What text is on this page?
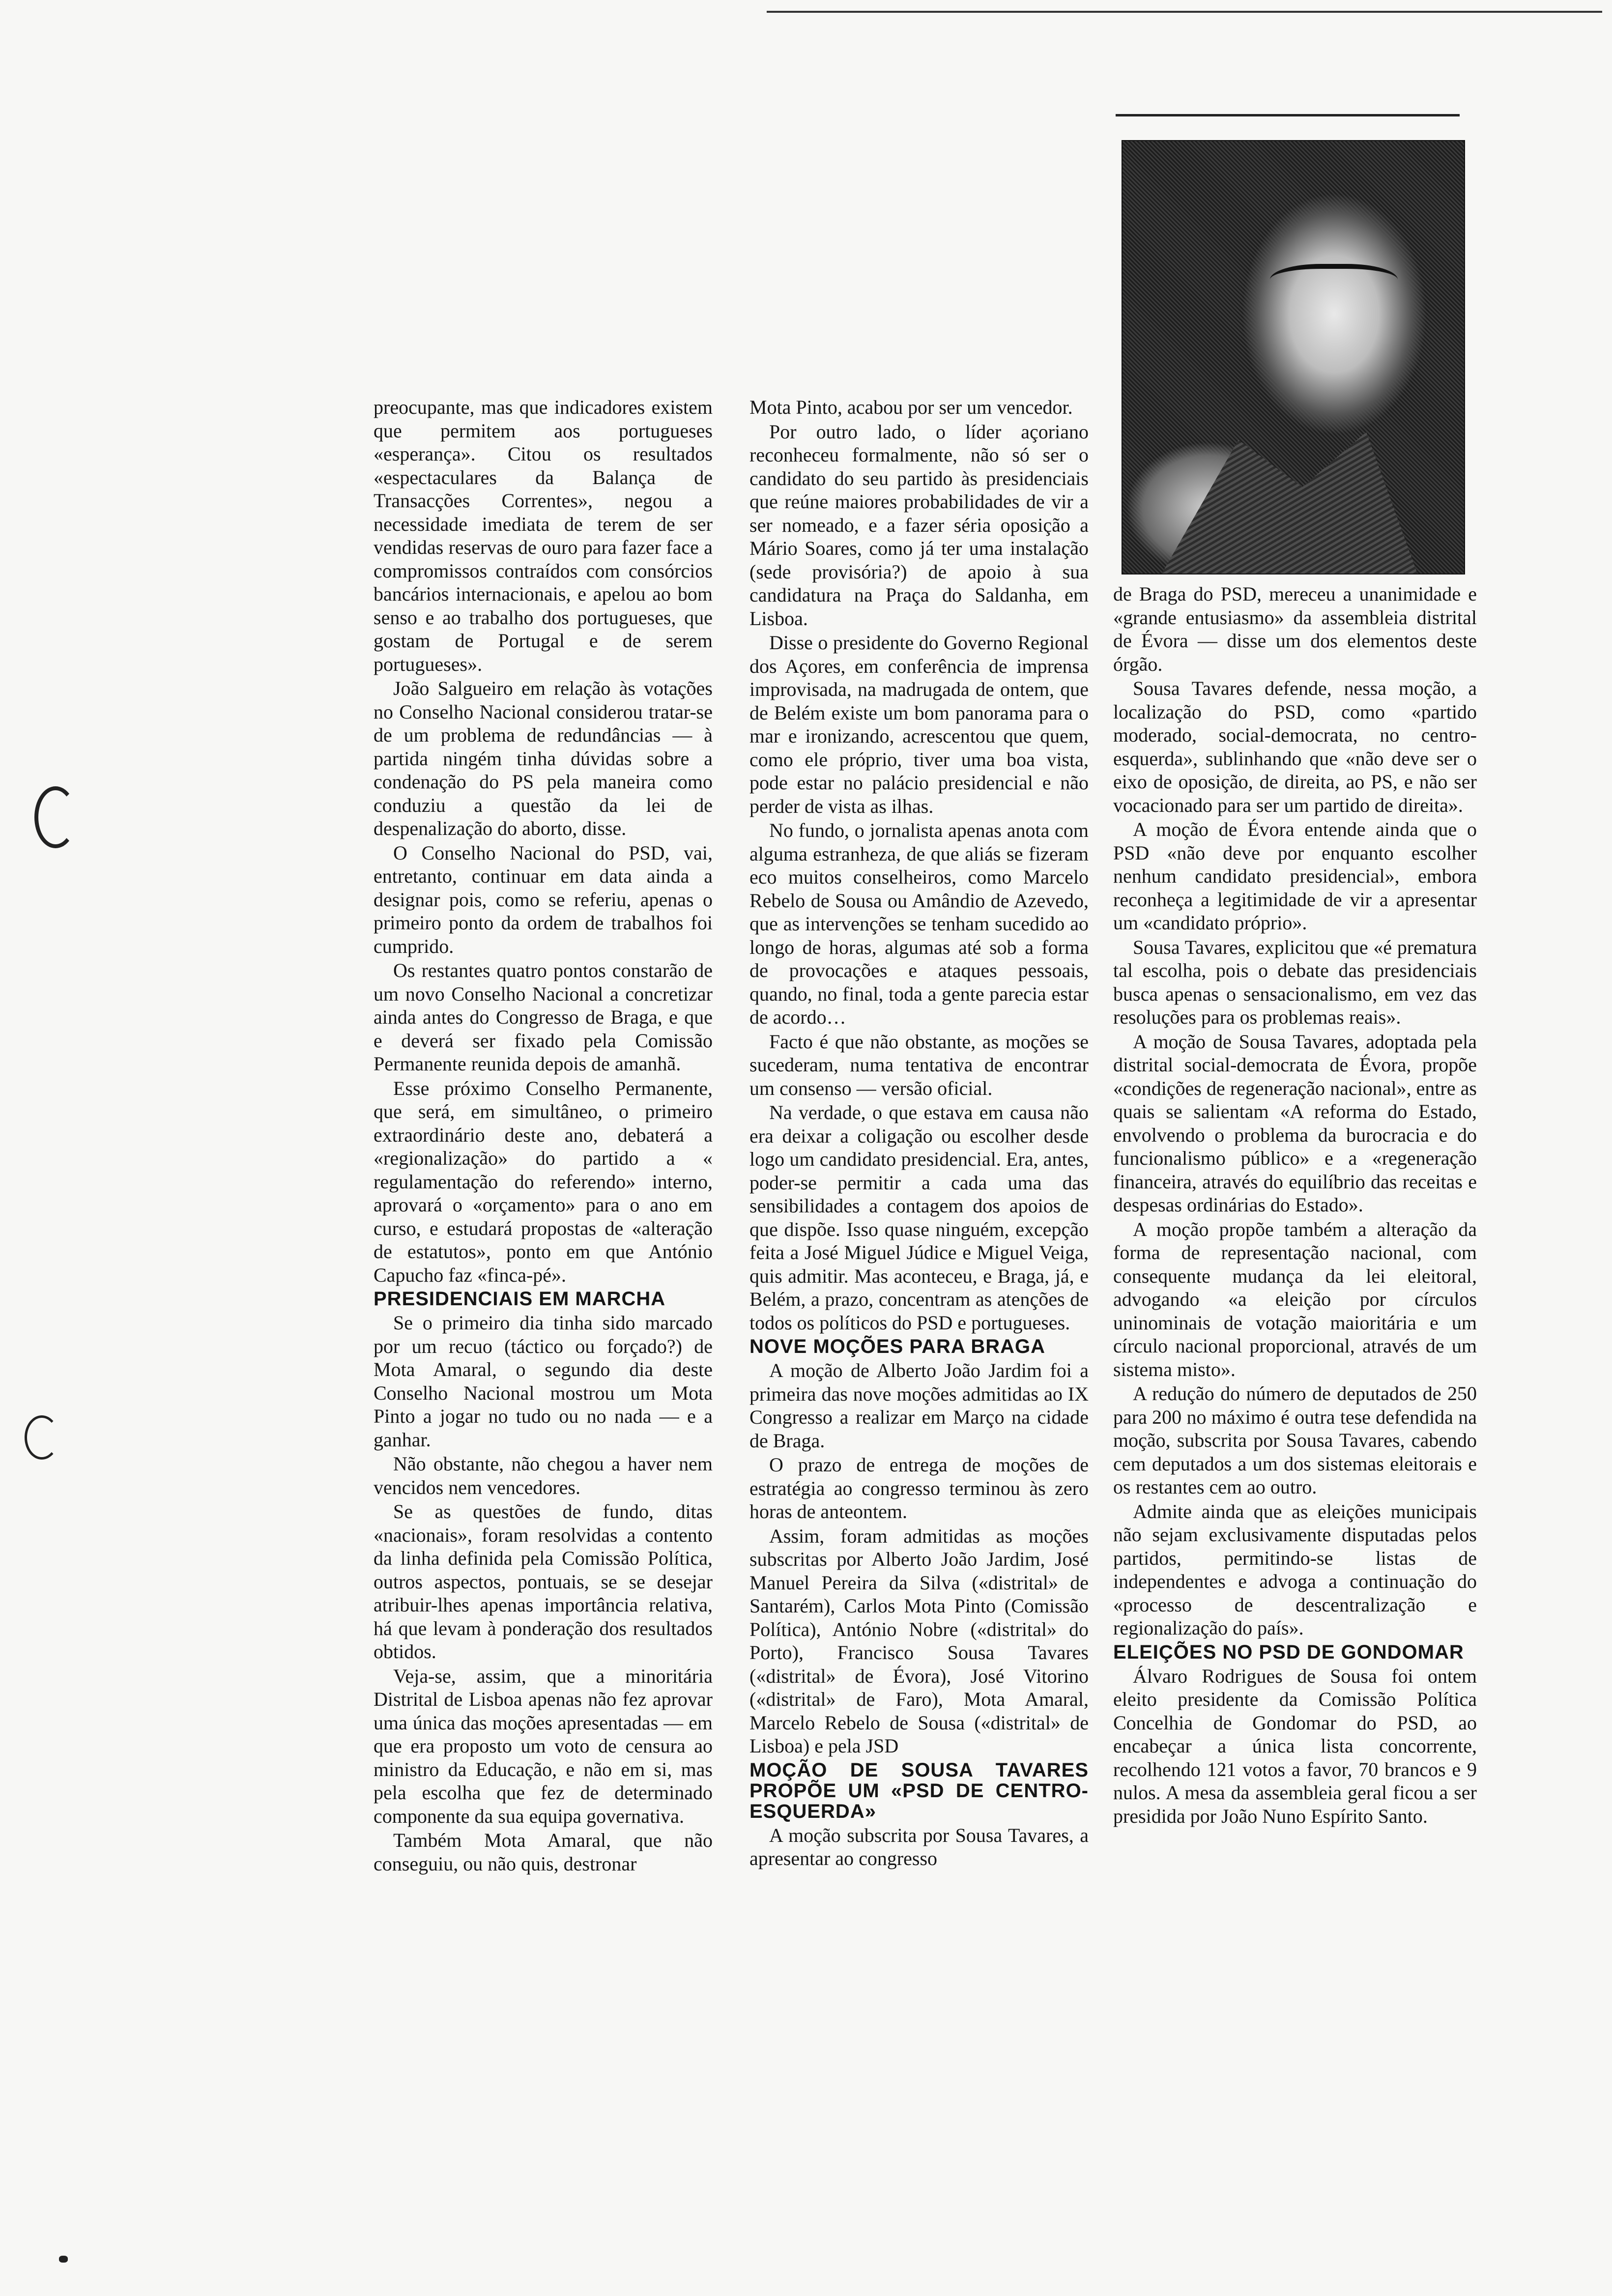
preocupante, mas que indicadores existem que permitem aos portugueses «esperança». Citou os resultados «espectaculares da Balança de Transacções Correntes», negou a necessidade imediata de terem de ser vendidas reservas de ouro para fazer face a compromissos contraídos com consórcios bancários internacionais, e apelou ao bom senso e ao trabalho dos portugueses, que gostam de Portugal e de serem portugueses».

João Salgueiro em relação às votações no Conselho Nacional considerou tratar-se de um problema de redundâncias — à partida ningém tinha dúvidas sobre a condenação do PS pela maneira como conduziu a questão da lei de despenalização do aborto, disse.

O Conselho Nacional do PSD, vai, entretanto, continuar em data ainda a designar pois, como se referiu, apenas o primeiro ponto da ordem de trabalhos foi cumprido.

Os restantes quatro pontos constarão de um novo Conselho Nacional a concretizar ainda antes do Congresso de Braga, e que e deverá ser fixado pela Comissão Permanente reunida depois de amanhã.

Esse próximo Conselho Permanente, que será, em simultâneo, o primeiro extraordinário deste ano, debaterá a «regionalização» do partido a « regulamentação do referendo» interno, aprovará o «orçamento» para o ano em curso, e estudará propostas de «alteração de estatutos», ponto em que António Capucho faz «finca-pé».

PRESIDENCIAIS EM MARCHA

Se o primeiro dia tinha sido marcado por um recuo (táctico ou forçado?) de Mota Amaral, o segundo dia deste Conselho Nacional mostrou um Mota Pinto a jogar no tudo ou no nada — e a ganhar.

Não obstante, não chegou a haver nem vencidos nem vencedores.

Se as questões de fundo, ditas «nacionais», foram resolvidas a contento da linha definida pela Comissão Política, outros aspectos, pontuais, se se desejar atribuir-lhes apenas importância relativa, há que levam à ponderação dos resultados obtidos.

Veja-se, assim, que a minoritária Distrital de Lisboa apenas não fez aprovar uma única das moções apresentadas — em que era proposto um voto de censura ao ministro da Educação, e não em si, mas pela escolha que fez de determinado componente da sua equipa governativa.

Também Mota Amaral, que não conseguiu, ou não quis, destronar

Mota Pinto, acabou por ser um vencedor.

Por outro lado, o líder açoriano reconheceu formalmente, não só ser o candidato do seu partido às presidenciais que reúne maiores probabilidades de vir a ser nomeado, e a fazer séria oposição a Mário Soares, como já ter uma instalação (sede provisória?) de apoio à sua candidatura na Praça do Saldanha, em Lisboa.

Disse o presidente do Governo Regional dos Açores, em conferência de imprensa improvisada, na madrugada de ontem, que de Belém existe um bom panorama para o mar e ironizando, acrescentou que quem, como ele próprio, tiver uma boa vista, pode estar no palácio presidencial e não perder de vista as ilhas.

No fundo, o jornalista apenas anota com alguma estranheza, de que aliás se fizeram eco muitos conselheiros, como Marcelo Rebelo de Sousa ou Amândio de Azevedo, que as intervenções se tenham sucedido ao longo de horas, algumas até sob a forma de provocações e ataques pessoais, quando, no final, toda a gente parecia estar de acordo…

Facto é que não obstante, as moções se sucederam, numa tentativa de encontrar um consenso — versão oficial.

Na verdade, o que estava em causa não era deixar a coligação ou escolher desde logo um candidato presidencial. Era, antes, poder-se permitir a cada uma das sensibilidades a contagem dos apoios de que dispõe. Isso quase ninguém, excepção feita a José Miguel Júdice e Miguel Veiga, quis admitir. Mas aconteceu, e Braga, já, e Belém, a prazo, concentram as atenções de todos os políticos do PSD e portugueses.

NOVE MOÇÕES PARA BRAGA

A moção de Alberto João Jardim foi a primeira das nove moções admitidas ao IX Congresso a realizar em Março na cidade de Braga.

O prazo de entrega de moções de estratégia ao congresso terminou às zero horas de anteontem.

Assim, foram admitidas as moções subscritas por Alberto João Jardim, José Manuel Pereira da Silva («distrital» de Santarém), Carlos Mota Pinto (Comissão Política), António Nobre («distrital» do Porto), Francisco Sousa Tavares («distrital» de Évora), José Vitorino («distrital» de Faro), Mota Amaral, Marcelo Rebelo de Sousa («distrital» de Lisboa) e pela JSD

MOÇÃO DE SOUSA TAVARES PROPÕE UM «PSD DE CENTRO-ESQUERDA»

A moção subscrita por Sousa Tavares, a apresentar ao congresso

de Braga do PSD, mereceu a unanimidade e «grande entusiasmo» da assembleia distrital de Évora — disse um dos elementos deste órgão.

Sousa Tavares defende, nessa moção, a localização do PSD, como «partido moderado, social-democrata, no centro-esquerda», sublinhando que «não deve ser o eixo de oposição, de direita, ao PS, e não ser vocacionado para ser um partido de direita».

A moção de Évora entende ainda que o PSD «não deve por enquanto escolher nenhum candidato presidencial», embora reconheça a legitimidade de vir a apresentar um «candidato próprio».

Sousa Tavares, explicitou que «é prematura tal escolha, pois o debate das presidenciais busca apenas o sensacionalismo, em vez das resoluções para os problemas reais».

A moção de Sousa Tavares, adoptada pela distrital social-democrata de Évora, propõe «condições de regeneração nacional», entre as quais se salientam «A reforma do Estado, envolvendo o problema da burocracia e do funcionalismo público» e a «regeneração financeira, através do equilíbrio das receitas e despesas ordinárias do Estado».

A moção propõe também a alteração da forma de representação nacional, com consequente mudança da lei eleitoral, advogando «a eleição por círculos uninominais de votação maioritária e um círculo nacional proporcional, através de um sistema misto».

A redução do número de deputados de 250 para 200 no máximo é outra tese defendida na moção, subscrita por Sousa Tavares, cabendo cem deputados a um dos sistemas eleitorais e os restantes cem ao outro.

Admite ainda que as eleições municipais não sejam exclusivamente disputadas pelos partidos, permitindo-se listas de independentes e advoga a continuação do «processo de descentralização e regionalização do país».

ELEIÇÕES NO PSD DE GONDOMAR

Álvaro Rodrigues de Sousa foi ontem eleito presidente da Comissão Política Concelhia de Gondomar do PSD, ao encabeçar a única lista concorrente, recolhendo 121 votos a favor, 70 brancos e 9 nulos. A mesa da assembleia geral ficou a ser presidida por João Nuno Espírito Santo.
